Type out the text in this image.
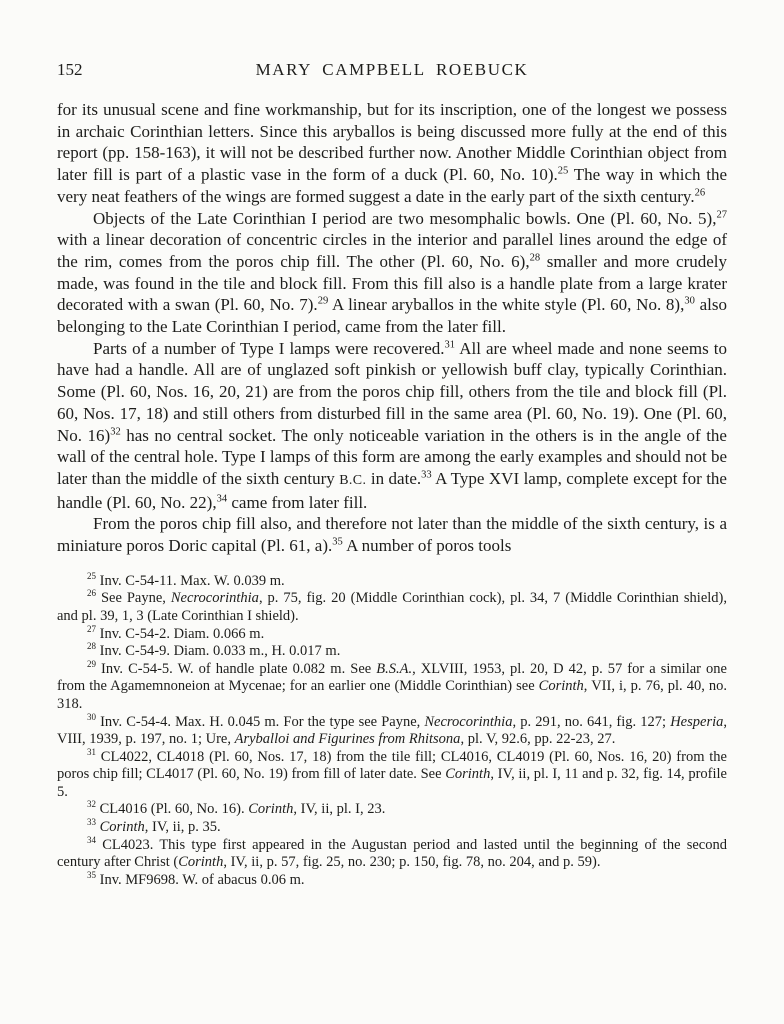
152	MARY CAMPBELL ROEBUCK

for its unusual scene and fine workmanship, but for its inscription, one of the longest we possess in archaic Corinthian letters. Since this aryballos is being discussed more fully at the end of this report (pp. 158-163), it will not be described further now. Another Middle Corinthian object from later fill is part of a plastic vase in the form of a duck (Pl. 60, No. 10).$^{25}$ The way in which the very neat feathers of the wings are formed suggest a date in the early part of the sixth century.$^{26}$

Objects of the Late Corinthian I period are two mesomphalic bowls. One (Pl. 60, No. 5),$^{27}$ with a linear decoration of concentric circles in the interior and parallel lines around the edge of the rim, comes from the poros chip fill. The other (Pl. 60, No. 6),$^{28}$ smaller and more crudely made, was found in the tile and block fill. From this fill also is a handle plate from a large krater decorated with a swan (Pl. 60, No. 7).$^{29}$ A linear aryballos in the white style (Pl. 60, No. 8),$^{30}$ also belonging to the Late Corinthian I period, came from the later fill.

Parts of a number of Type I lamps were recovered.$^{31}$ All are wheel made and none seems to have had a handle. All are of unglazed soft pinkish or yellowish buff clay, typically Corinthian. Some (Pl. 60, Nos. 16, 20, 21) are from the poros chip fill, others from the tile and block fill (Pl. 60, Nos. 17, 18) and still others from disturbed fill in the same area (Pl. 60, No. 19). One (Pl. 60, No. 16)$^{32}$ has no central socket. The only noticeable variation in the others is in the angle of the wall of the central hole. Type I lamps of this form are among the early examples and should not be later than the middle of the sixth century B.C. in date.$^{33}$ A Type XVI lamp, complete except for the handle (Pl. 60, No. 22),$^{34}$ came from later fill.

From the poros chip fill also, and therefore not later than the middle of the sixth century, is a miniature poros Doric capital (Pl. 61, a).$^{35}$ A number of poros tools

$^{25}$ Inv. C-54-11. Max. W. 0.039 m.

$^{26}$ See Payne, Necrocorinthia, p. 75, fig. 20 (Middle Corinthian cock), pl. 34, 7 (Middle Corinthian shield), and pl. 39, 1, 3 (Late Corinthian I shield).

$^{27}$ Inv. C-54-2. Diam. 0.066 m.

$^{28}$ Inv. C-54-9. Diam. 0.033 m., H. 0.017 m.

$^{29}$ Inv. C-54-5. W. of handle plate 0.082 m. See B.S.A., XLVIII, 1953, pl. 20, D 42, p. 57 for a similar one from the Agamemnoneion at Mycenae; for an earlier one (Middle Corinthian) see Corinth, VII, i, p. 76, pl. 40, no. 318.

$^{30}$ Inv. C-54-4. Max. H. 0.045 m. For the type see Payne, Necrocorinthia, p. 291, no. 641, fig. 127; Hesperia, VIII, 1939, p. 197, no. 1; Ure, Aryballoi and Figurines from Rhitsona, pl. V, 92.6, pp. 22-23, 27.

$^{31}$ CL4022, CL4018 (Pl. 60, Nos. 17, 18) from the tile fill; CL4016, CL4019 (Pl. 60, Nos. 16, 20) from the poros chip fill; CL4017 (Pl. 60, No. 19) from fill of later date. See Corinth, IV, ii, pl. I, 11 and p. 32, fig. 14, profile 5.

$^{32}$ CL4016 (Pl. 60, No. 16). Corinth, IV, ii, pl. I, 23.

$^{33}$ Corinth, IV, ii, p. 35.

$^{34}$ CL4023. This type first appeared in the Augustan period and lasted until the beginning of the second century after Christ (Corinth, IV, ii, p. 57, fig. 25, no. 230; p. 150, fig. 78, no. 204, and p. 59).

$^{35}$ Inv. MF9698. W. of abacus 0.06 m.
